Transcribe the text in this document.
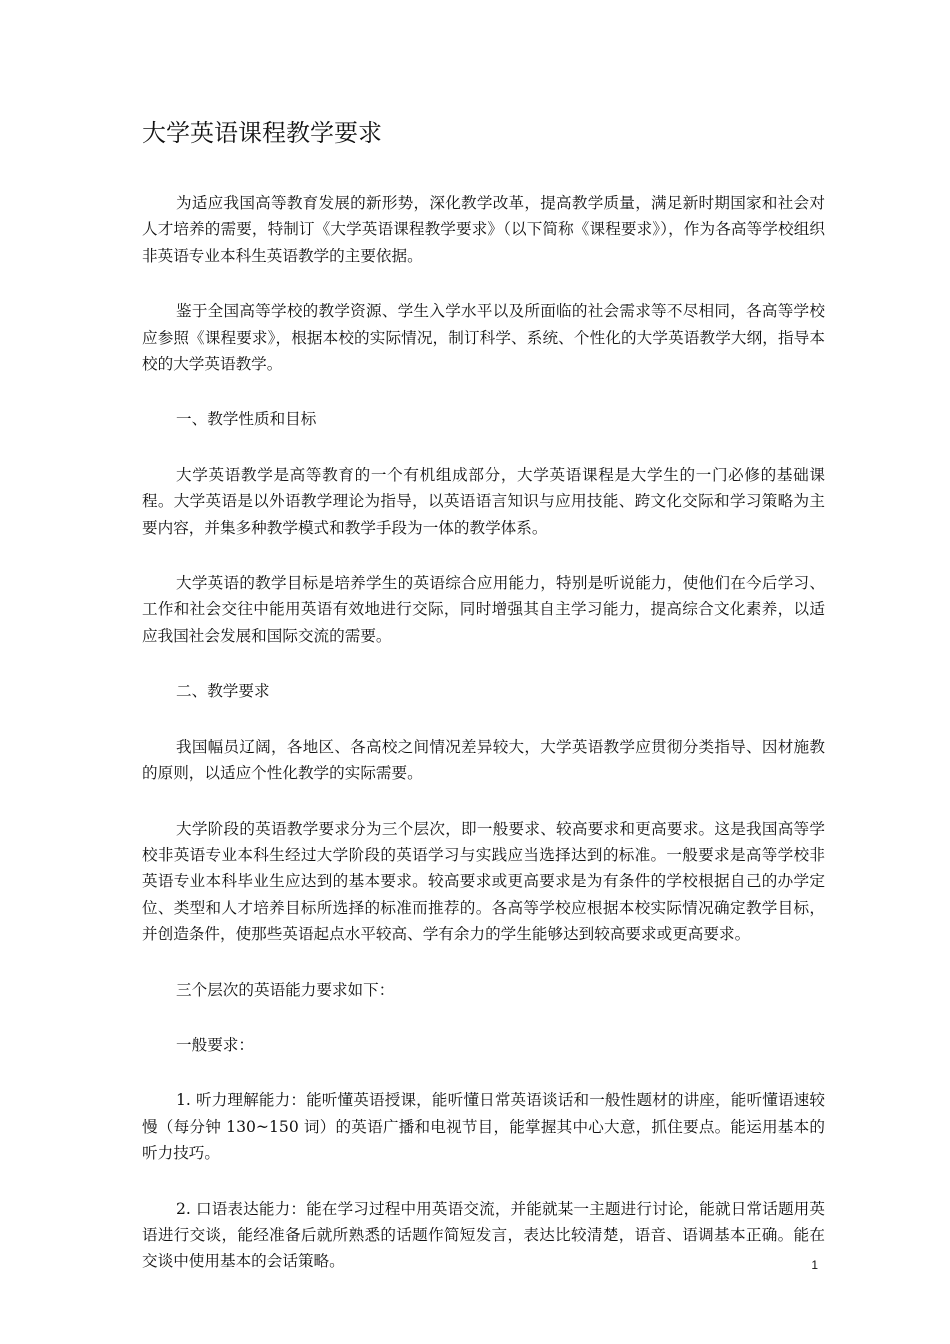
大学英语课程教学要求

为适应我国高等教育发展的新形势，深化教学改革，提高教学质量，满足新时期国家和社会对人才培养的需要，特制订《大学英语课程教学要求》（以下简称《课程要求》），作为各高等学校组织非英语专业本科生英语教学的主要依据。

鉴于全国高等学校的教学资源、学生入学水平以及所面临的社会需求等不尽相同，各高等学校应参照《课程要求》，根据本校的实际情况，制订科学、系统、个性化的大学英语教学大纲，指导本校的大学英语教学。

一、教学性质和目标

大学英语教学是高等教育的一个有机组成部分，大学英语课程是大学生的一门必修的基础课程。大学英语是以外语教学理论为指导，以英语语言知识与应用技能、跨文化交际和学习策略为主要内容，并集多种教学模式和教学手段为一体的教学体系。

大学英语的教学目标是培养学生的英语综合应用能力，特别是听说能力，使他们在今后学习、工作和社会交往中能用英语有效地进行交际，同时增强其自主学习能力，提高综合文化素养，以适应我国社会发展和国际交流的需要。

二、教学要求

我国幅员辽阔，各地区、各高校之间情况差异较大，大学英语教学应贯彻分类指导、因材施教的原则，以适应个性化教学的实际需要。

大学阶段的英语教学要求分为三个层次，即一般要求、较高要求和更高要求。这是我国高等学校非英语专业本科生经过大学阶段的英语学习与实践应当选择达到的标准。一般要求是高等学校非英语专业本科毕业生应达到的基本要求。较高要求或更高要求是为有条件的学校根据自己的办学定位、类型和人才培养目标所选择的标准而推荐的。各高等学校应根据本校实际情况确定教学目标，并创造条件，使那些英语起点水平较高、学有余力的学生能够达到较高要求或更高要求。

三个层次的英语能力要求如下：

一般要求：

1. 听力理解能力：能听懂英语授课，能听懂日常英语谈话和一般性题材的讲座，能听懂语速较慢（每分钟 130~150 词）的英语广播和电视节目，能掌握其中心大意，抓住要点。能运用基本的听力技巧。

2. 口语表达能力：能在学习过程中用英语交流，并能就某一主题进行讨论，能就日常话题用英语进行交谈，能经准备后就所熟悉的话题作简短发言，表达比较清楚，语音、语调基本正确。能在交谈中使用基本的会话策略。	1
